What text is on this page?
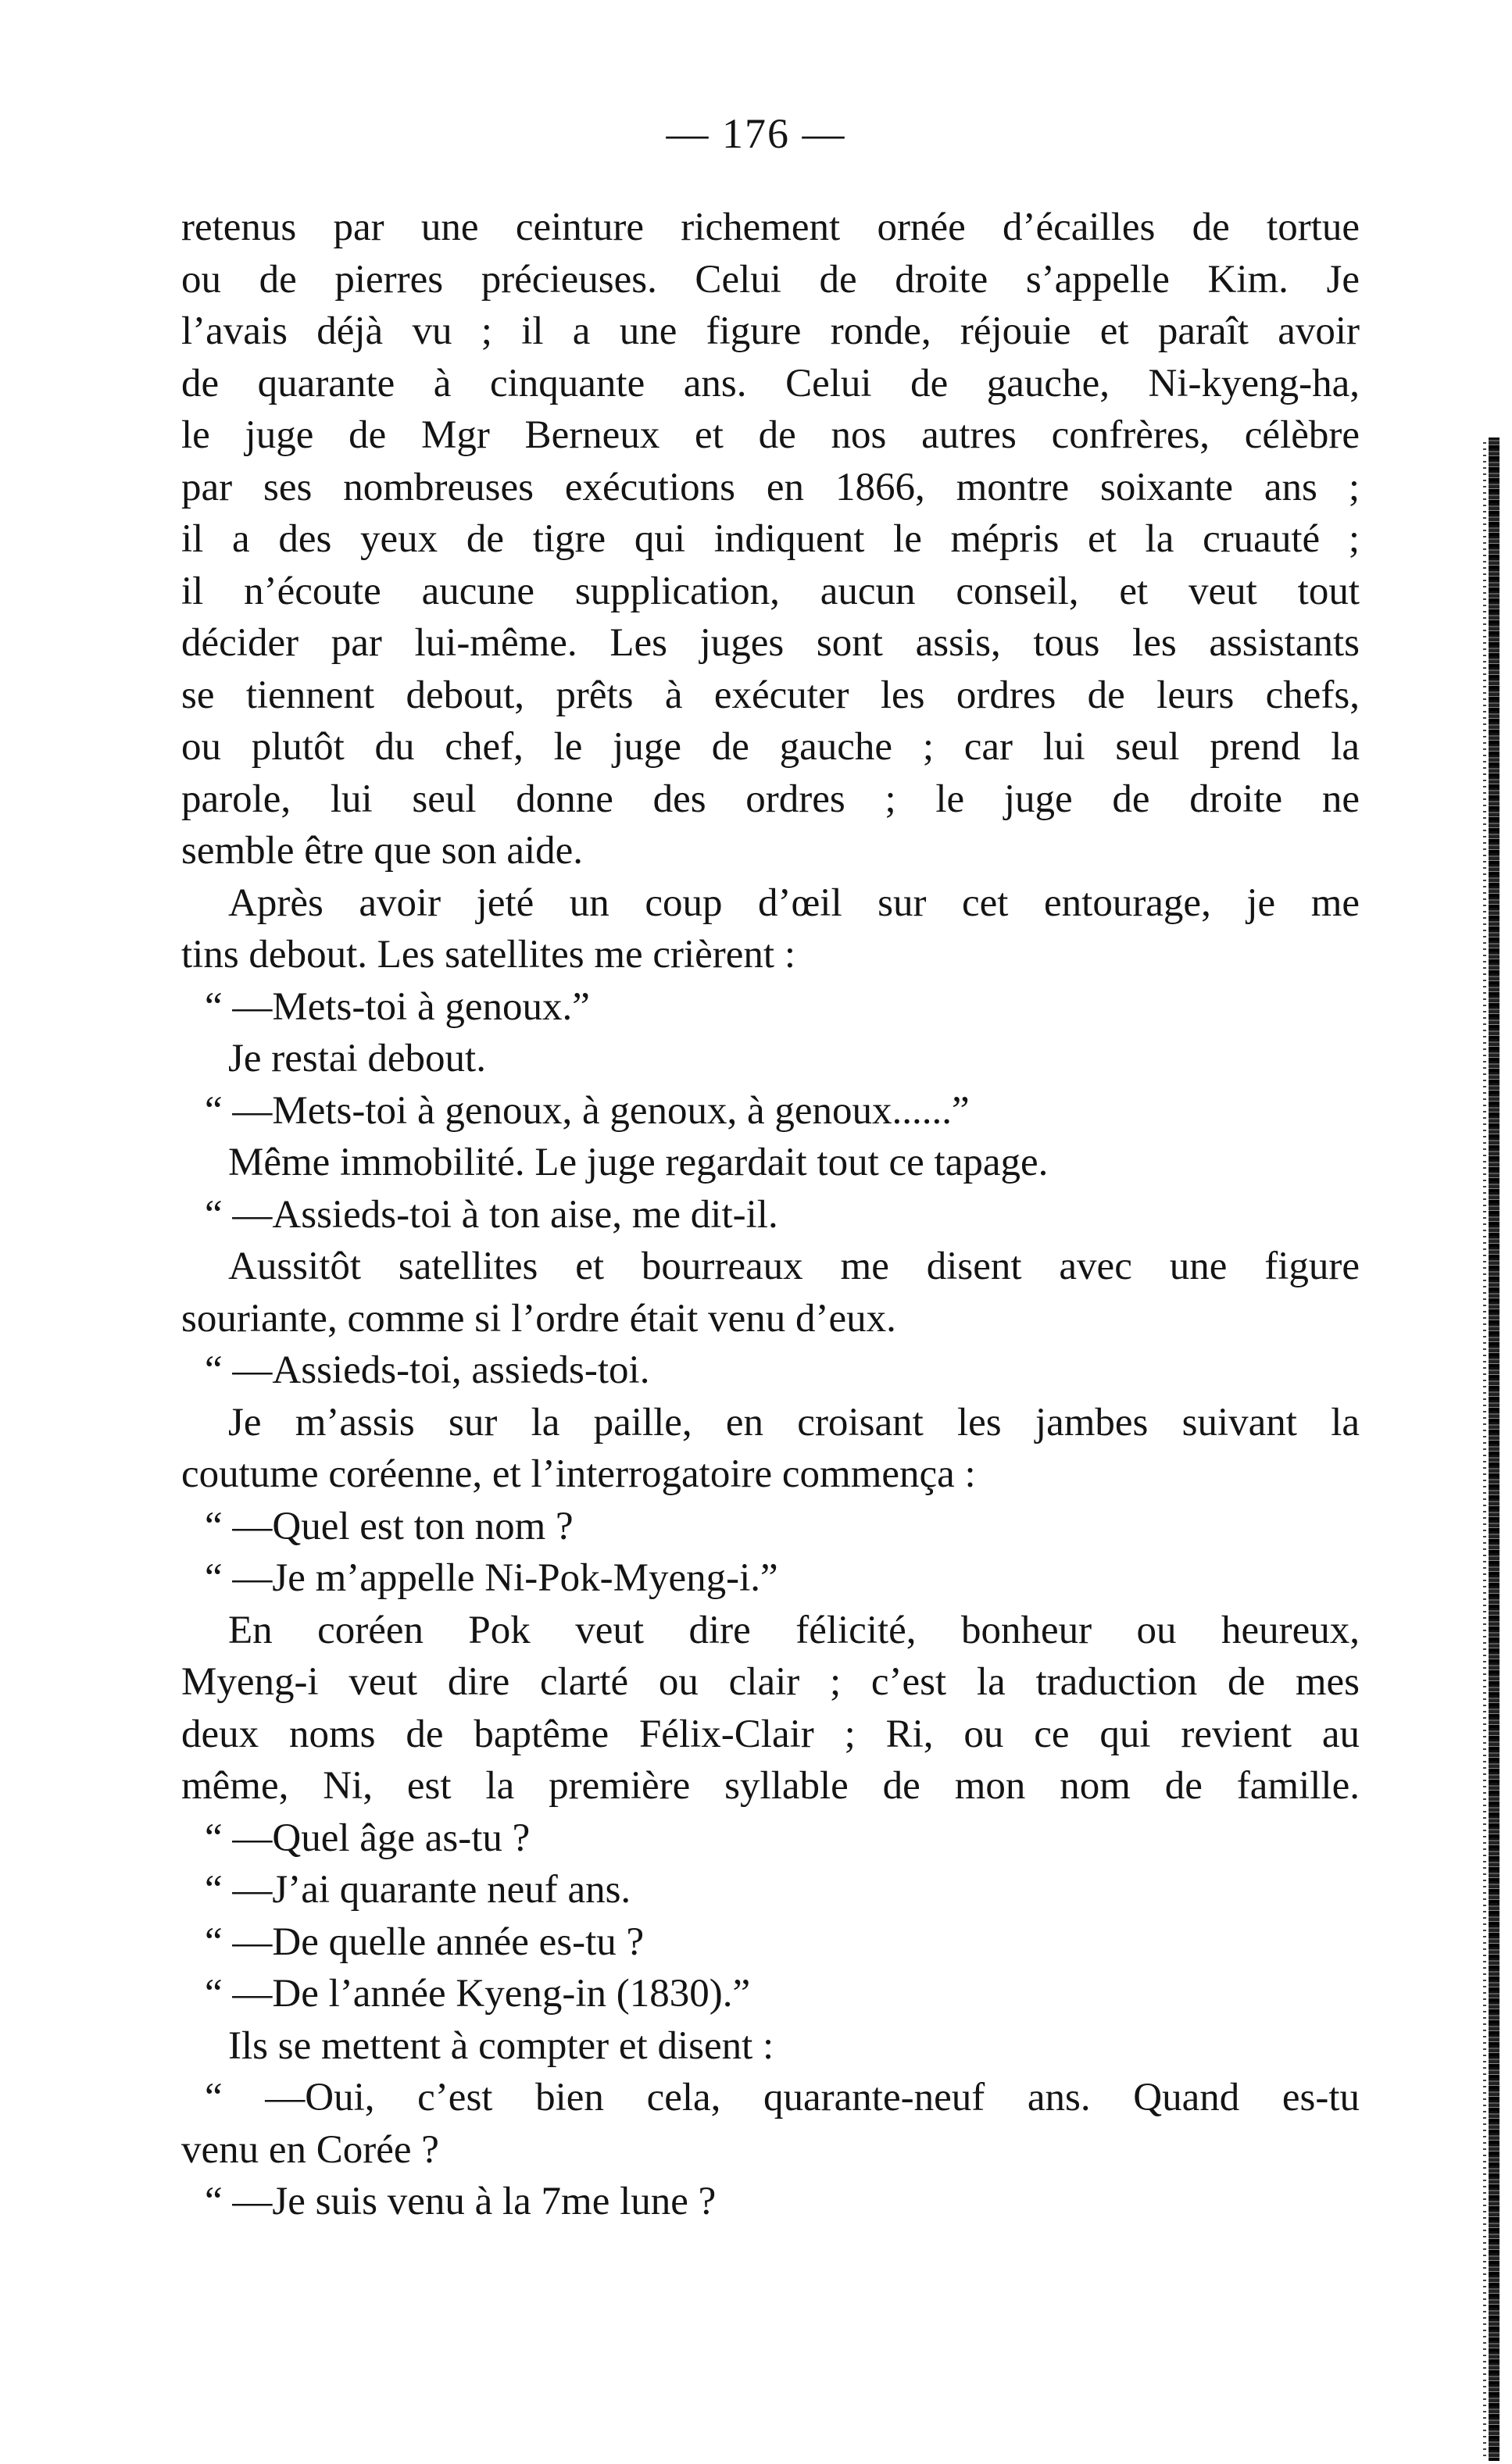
— 176 —
retenus par une ceinture richement ornée d’écailles de tortue
ou de pierres précieuses. Celui de droite s’appelle Kim. Je
l’avais déjà vu ; il a une figure ronde, réjouie et paraît avoir
de quarante à cinquante ans. Celui de gauche, Ni-kyeng-ha,
le juge de Mgr Berneux et de nos autres confrères, célèbre
par ses nombreuses exécutions en 1866, montre soixante ans ;
il a des yeux de tigre qui indiquent le mépris et la cruauté ;
il n’écoute aucune supplication, aucun conseil, et veut tout
décider par lui-même. Les juges sont assis, tous les assistants
se tiennent debout, prêts à exécuter les ordres de leurs chefs,
ou plutôt du chef, le juge de gauche ; car lui seul prend la
parole, lui seul donne des ordres ; le juge de droite ne
semble être que son aide.
Après avoir jeté un coup d’œil sur cet entourage, je me
tins debout. Les satellites me crièrent :
“ —Mets-toi à genoux.”
Je restai debout.
“ —Mets-toi à genoux, à genoux, à genoux......”
Même immobilité. Le juge regardait tout ce tapage.
“ —Assieds-toi à ton aise, me dit-il.
Aussitôt satellites et bourreaux me disent avec une figure
souriante, comme si l’ordre était venu d’eux.
“ —Assieds-toi, assieds-toi.
Je m’assis sur la paille, en croisant les jambes suivant la
coutume coréenne, et l’interrogatoire commença :
“ —Quel est ton nom ?
“ —Je m’appelle Ni-Pok-Myeng-i.”
En coréen Pok veut dire félicité, bonheur ou heureux,
Myeng-i veut dire clarté ou clair ; c’est la traduction de mes
deux noms de baptême Félix-Clair ; Ri, ou ce qui revient au
même, Ni, est la première syllable de mon nom de famille.
“ —Quel âge as-tu ?
“ —J’ai quarante neuf ans.
“ —De quelle année es-tu ?
“ —De l’année Kyeng-in (1830).”
Ils se mettent à compter et disent :
“ —Oui, c’est bien cela, quarante-neuf ans. Quand es-tu
venu en Corée ?
“ —Je suis venu à la 7me lune ?
